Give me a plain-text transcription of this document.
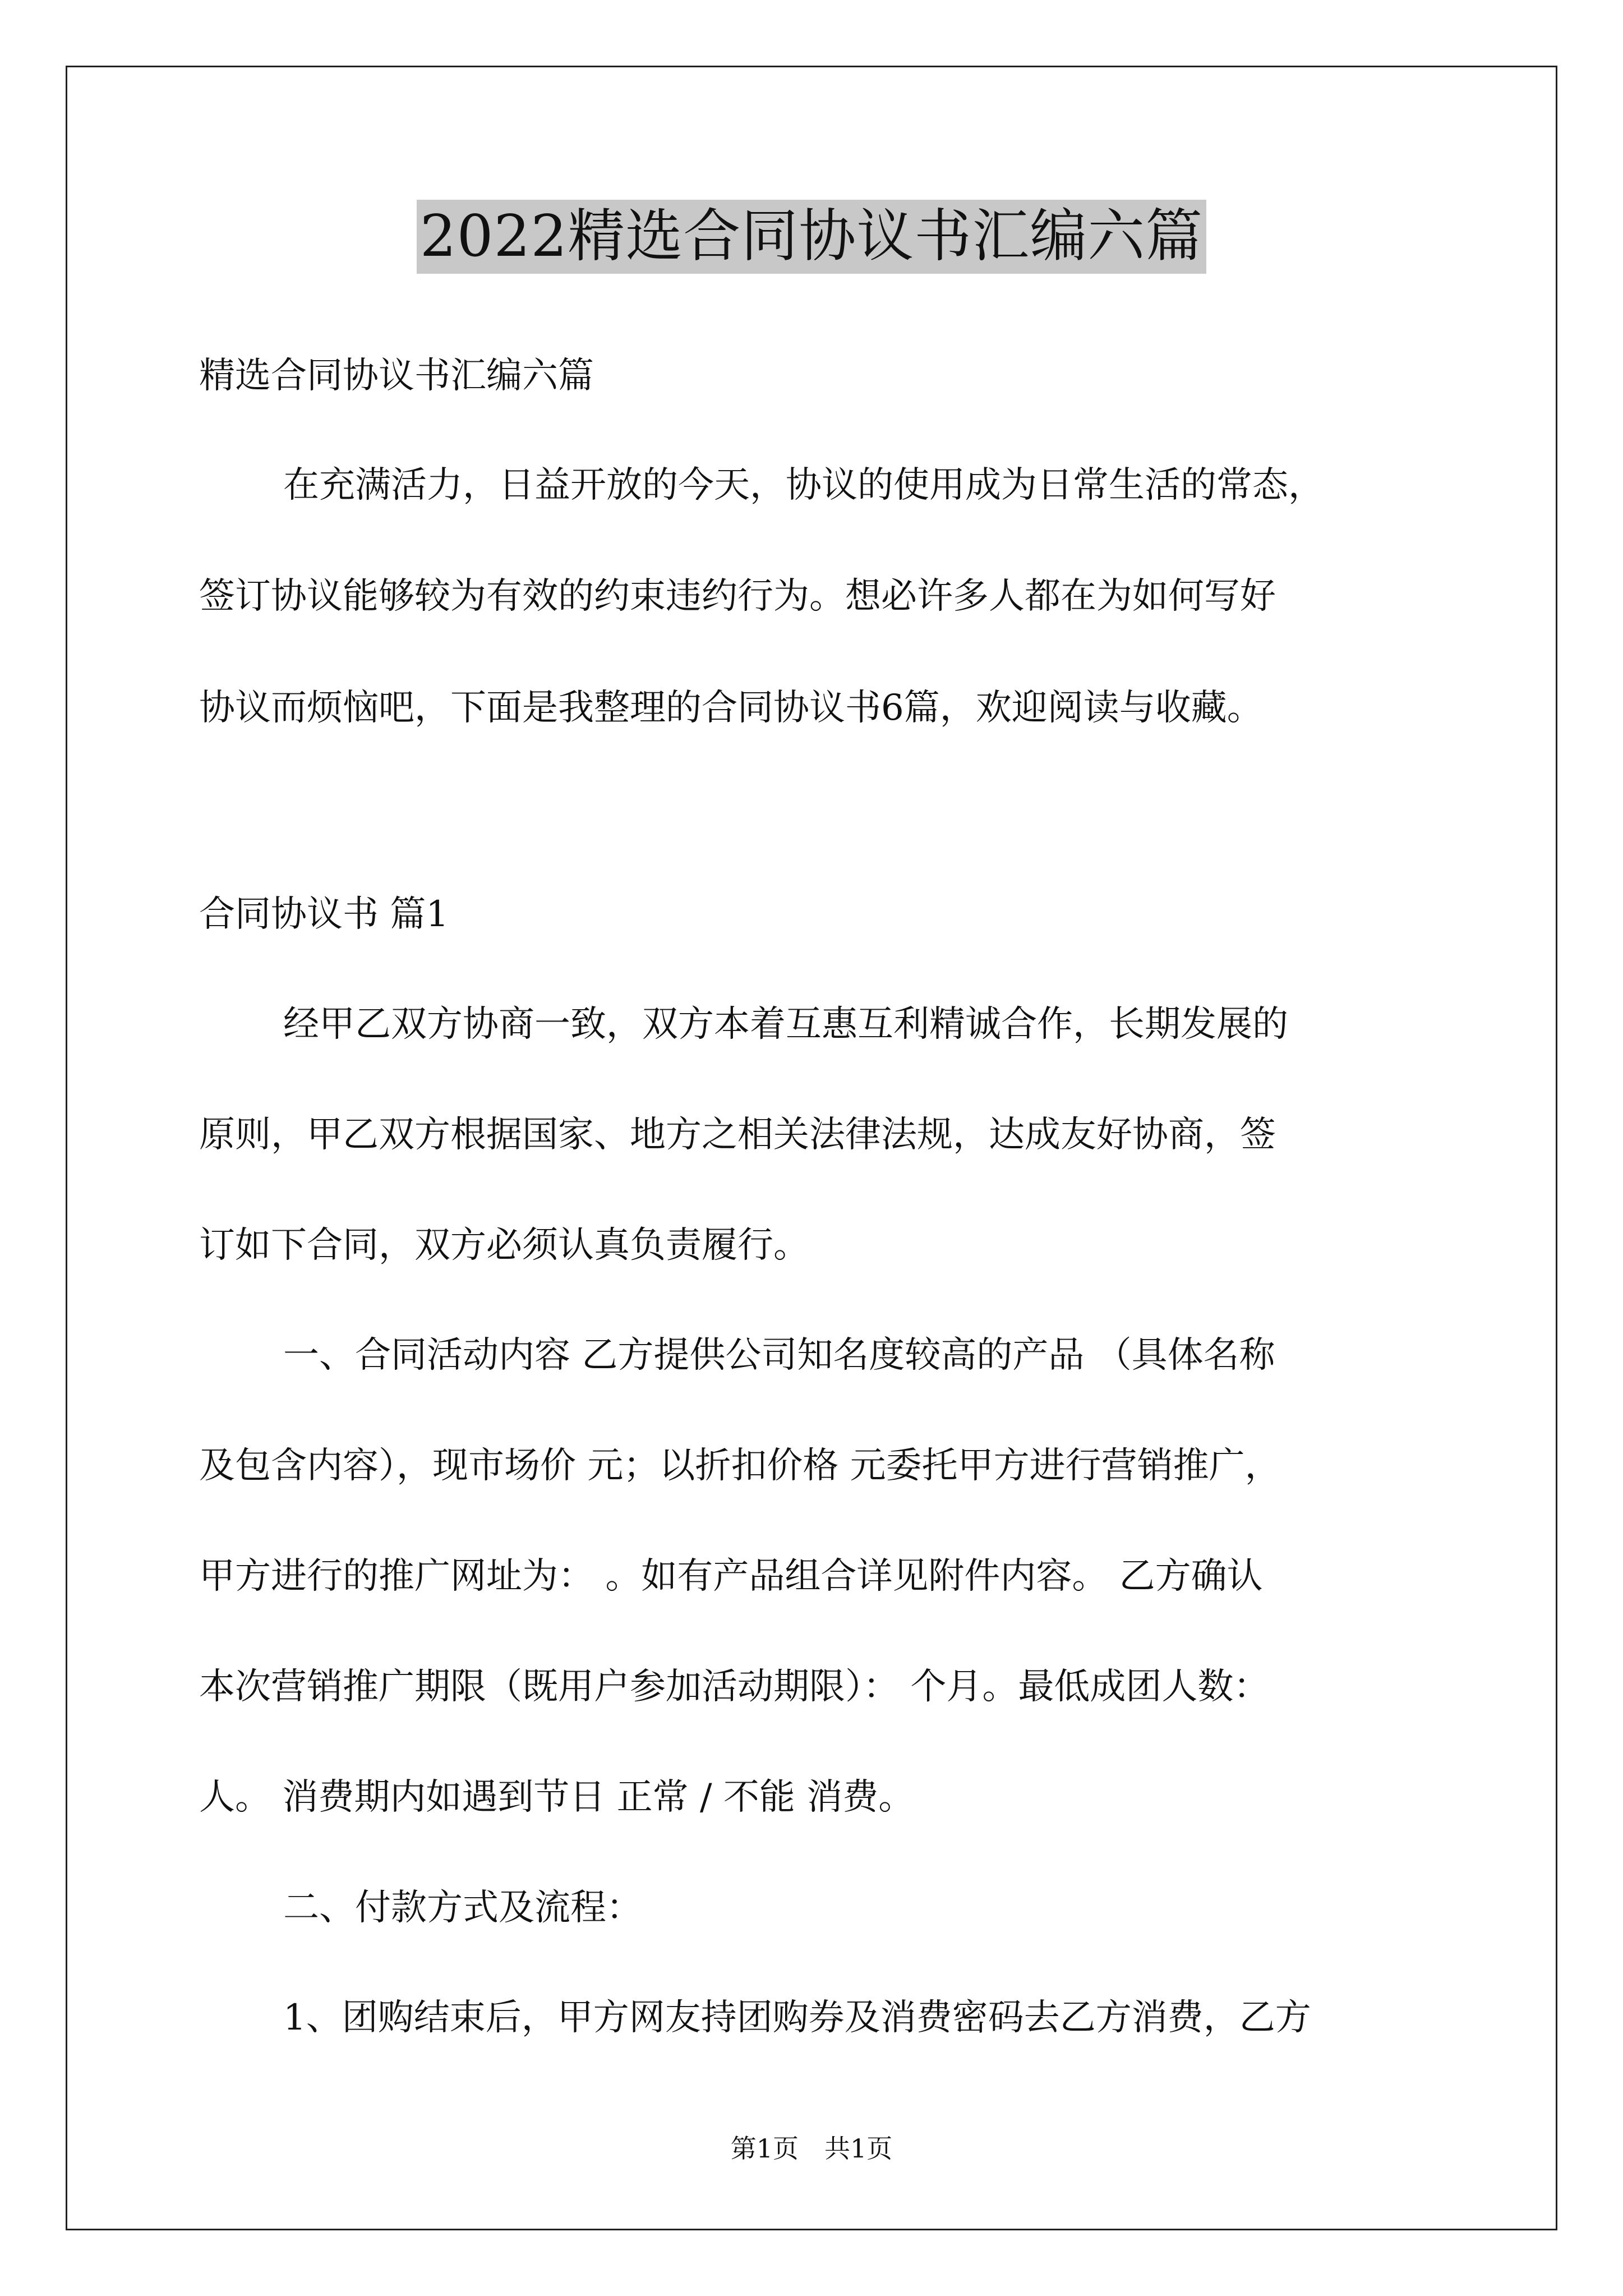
2022精选合同协议书汇编六篇
精选合同协议书汇编六篇
在充满活力，日益开放的今天，协议的使用成为日常生活的常态，
签订协议能够较为有效的约束违约行为。想必许多人都在为如何写好
协议而烦恼吧，下面是我整理的合同协议书6篇，欢迎阅读与收藏。
合同协议书 篇1
经甲乙双方协商一致，双方本着互惠互利精诚合作，长期发展的
原则，甲乙双方根据国家、地方之相关法律法规，达成友好协商，签
订如下合同，双方必须认真负责履行。
一、合同活动内容 乙方提供公司知名度较高的产品 （具体名称
及包含内容），现市场价 元；以折扣价格 元委托甲方进行营销推广，
甲方进行的推广网址为： 。如有产品组合详见附件内容。 乙方确认
本次营销推广期限（既用户参加活动期限）： 个月。最低成团人数：
人。 消费期内如遇到节日 正常 / 不能 消费。
二、付款方式及流程：
1、团购结束后，甲方网友持团购券及消费密码去乙方消费，乙方
第1页　共1页
